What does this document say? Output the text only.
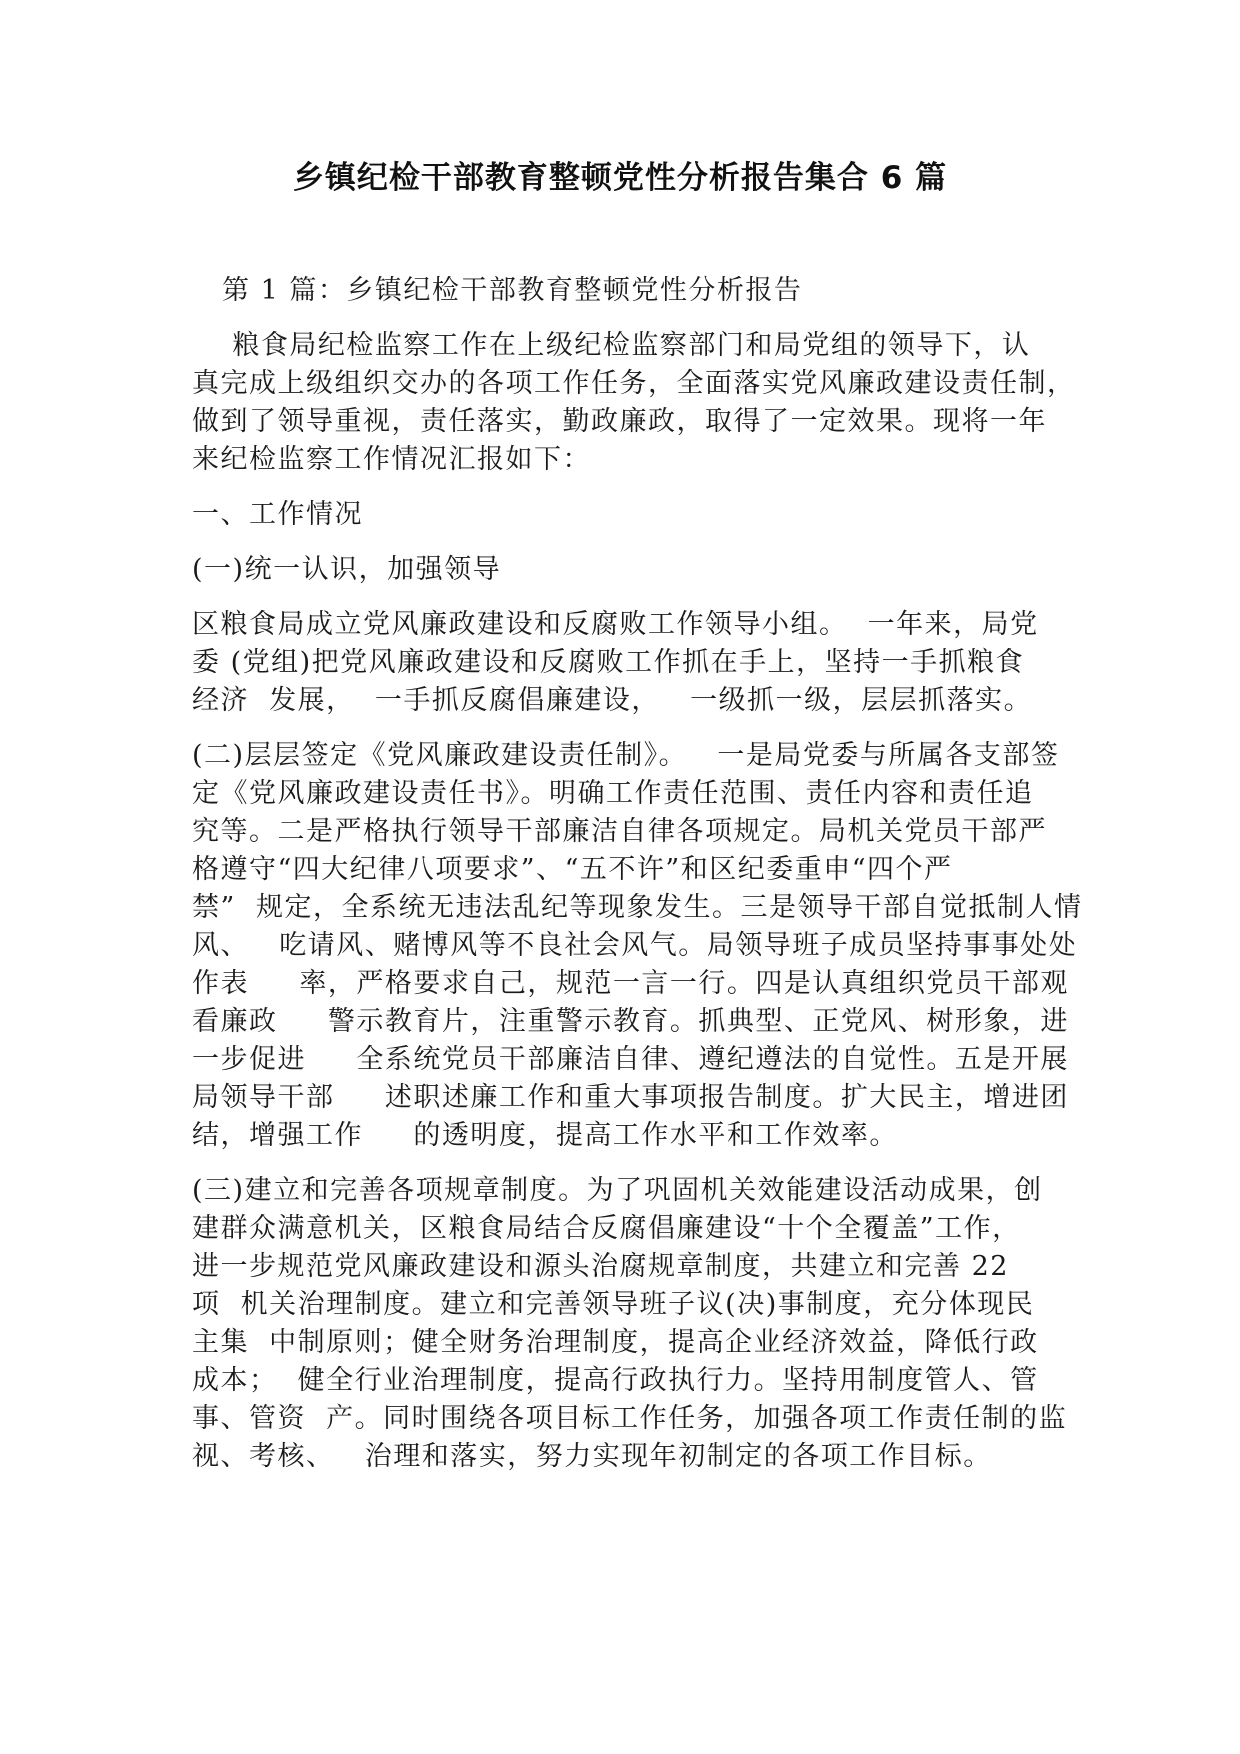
乡镇纪检干部教育整顿党性分析报告集合 6 篇

第 1 篇：乡镇纪检干部教育整顿党性分析报告

粮食局纪检监察工作在上级纪检监察部门和局党组的领导下，认

真完成上级组织交办的各项工作任务，全面落实党风廉政建设责任制，

做到了领导重视，责任落实，勤政廉政，取得了一定效果。现将一年

来纪检监察工作情况汇报如下：

一、工作情况

(一)统一认识，加强领导

区粮食局成立党风廉政建设和反腐败工作领导小组。  一年来，局党

委 (党组)把党风廉政建设和反腐败工作抓在手上，坚持一手抓粮食

经济  发展，  一手抓反腐倡廉建设，   一级抓一级，层层抓落实。

(二)层层签定《党风廉政建设责任制》。   一是局党委与所属各支部签

定《党风廉政建设责任书》。明确工作责任范围、责任内容和责任追

究等。二是严格执行领导干部廉洁自律各项规定。局机关党员干部严

格遵守“四大纪律八项要求”、“五不许”和区纪委重申“四个严

禁”  规定，全系统无违法乱纪等现象发生。三是领导干部自觉抵制人情

风、   吃请风、赌博风等不良社会风气。局领导班子成员坚持事事处处

作表     率，严格要求自己，规范一言一行。四是认真组织党员干部观

看廉政     警示教育片，注重警示教育。抓典型、正党风、树形象，进

一步促进     全系统党员干部廉洁自律、遵纪遵法的自觉性。五是开展

局领导干部     述职述廉工作和重大事项报告制度。扩大民主，增进团

结，增强工作     的透明度，提高工作水平和工作效率。

(三)建立和完善各项规章制度。为了巩固机关效能建设活动成果，创

建群众满意机关，区粮食局结合反腐倡廉建设“十个全覆盖”工作，

进一步规范党风廉政建设和源头治腐规章制度，共建立和完善 22

项  机关治理制度。建立和完善领导班子议(决)事制度，充分体现民

主集  中制原则；健全财务治理制度，提高企业经济效益，降低行政

成本；  健全行业治理制度，提高行政执行力。坚持用制度管人、管

事、管资  产。同时围绕各项目标工作任务，加强各项工作责任制的监

视、考核、   治理和落实，努力实现年初制定的各项工作目标。
